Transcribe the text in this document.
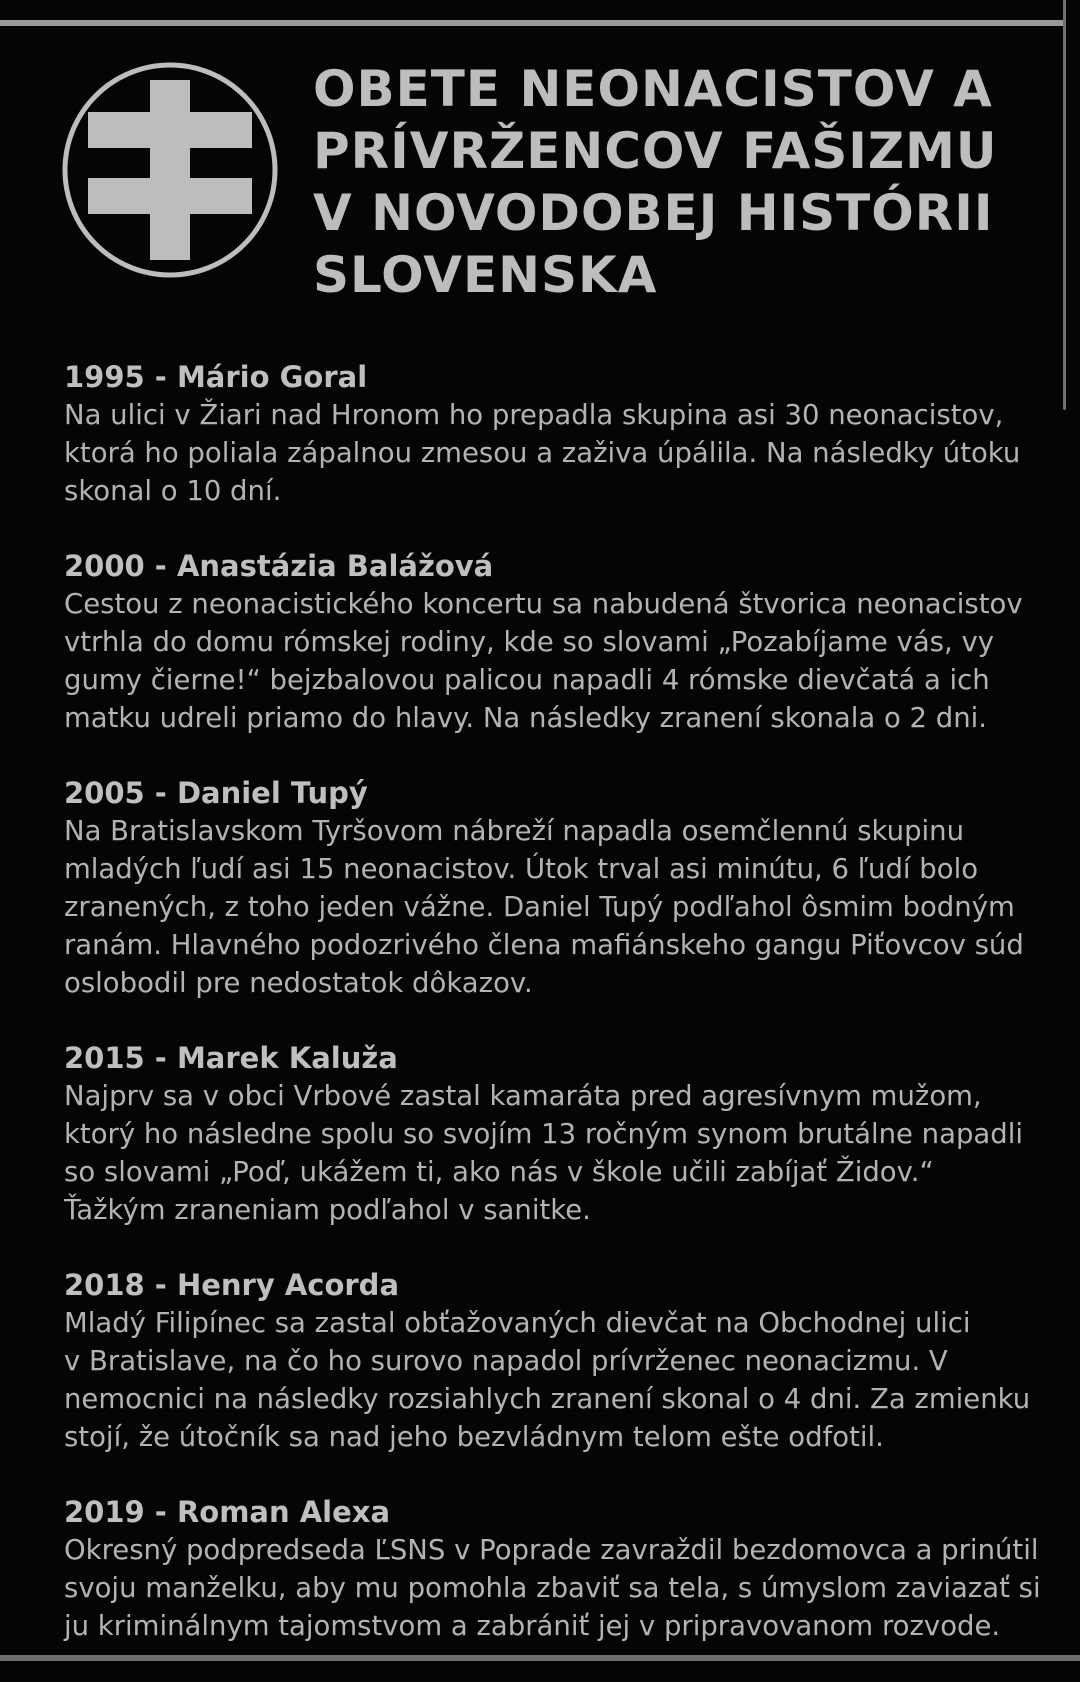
OBETE NEONACISTOV A
PRÍVRŽENCOV FAŠIZMU
V NOVODOBEJ HISTÓRII
SLOVENSKA

1995 - Mário Goral

Na ulici v Žiari nad Hronom ho prepadla skupina asi 30 neonacistov,
ktorá ho poliala zápalnou zmesou a zaživa úpálila. Na následky útoku
skonal o 10 dní.

2000 - Anastázia Balážová

Cestou z neonacistického koncertu sa nabudená štvorica neonacistov
vtrhla do domu rómskej rodiny, kde so slovami „Pozabíjame vás, vy
gumy čierne!“ bejzbalovou palicou napadli 4 rómske dievčatá a ich
matku udreli priamo do hlavy. Na následky zranení skonala o 2 dni.

2005 - Daniel Tupý

Na Bratislavskom Tyršovom nábreží napadla osemčlennú skupinu
mladých ľudí asi 15 neonacistov. Útok trval asi minútu, 6 ľudí bolo
zranených, z toho jeden vážne. Daniel Tupý podľahol ôsmim bodným
ranám. Hlavného podozrivého člena mafiánskeho gangu Piťovcov súd
oslobodil pre nedostatok dôkazov.

2015 - Marek Kaluža

Najprv sa v obci Vrbové zastal kamaráta pred agresívnym mužom,
ktorý ho následne spolu so svojím 13 ročným synom brutálne napadli
so slovami „Poď, ukážem ti, ako nás v škole učili zabíjať Židov.“
Ťažkým zraneniam podľahol v sanitke.

2018 - Henry Acorda

Mladý Filipínec sa zastal obťažovaných dievčat na Obchodnej ulici
v Bratislave, na čo ho surovo napadol prívrženec neonacizmu. V
nemocnici na následky rozsiahlych zranení skonal o 4 dni. Za zmienku
stojí, že útočník sa nad jeho bezvládnym telom ešte odfotil.

2019 - Roman Alexa

Okresný podpredseda ĽSNS v Poprade zavraždil bezdomovca a prinútil
svoju manželku, aby mu pomohla zbaviť sa tela, s úmyslom zaviazať si
ju kriminálnym tajomstvom a zabrániť jej v pripravovanom rozvode.
